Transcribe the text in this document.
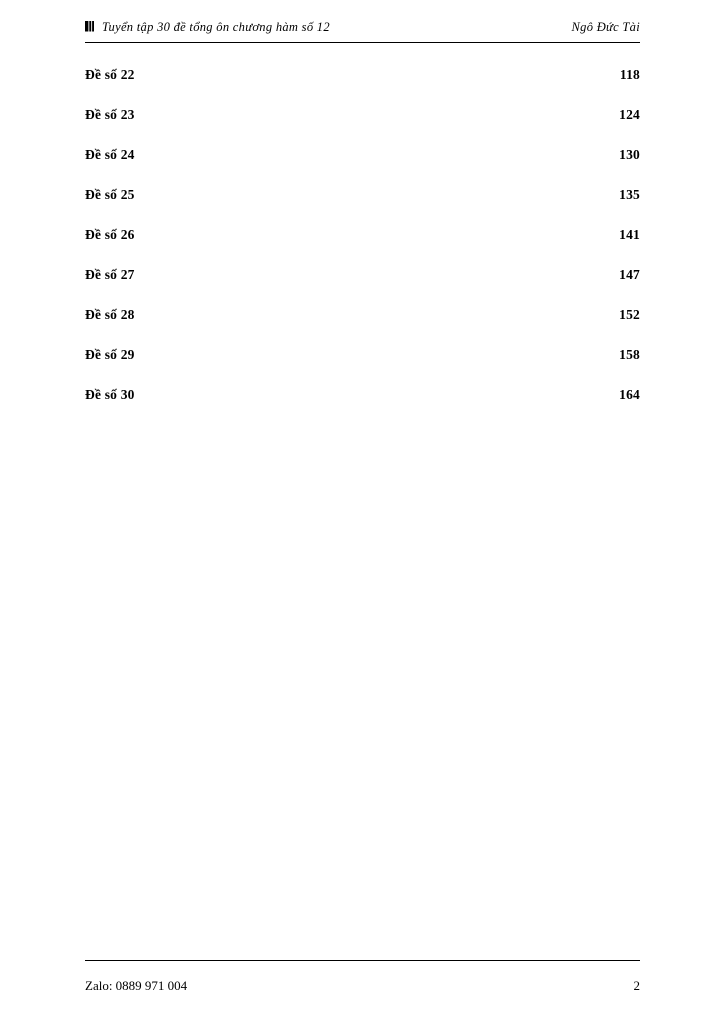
Tuyển tập 30 đề tổng ôn chương hàm số 12	Ngô Đức Tài
Đề số 22	118
Đề số 23	124
Đề số 24	130
Đề số 25	135
Đề số 26	141
Đề số 27	147
Đề số 28	152
Đề số 29	158
Đề số 30	164
Zalo: 0889 971 004	2
